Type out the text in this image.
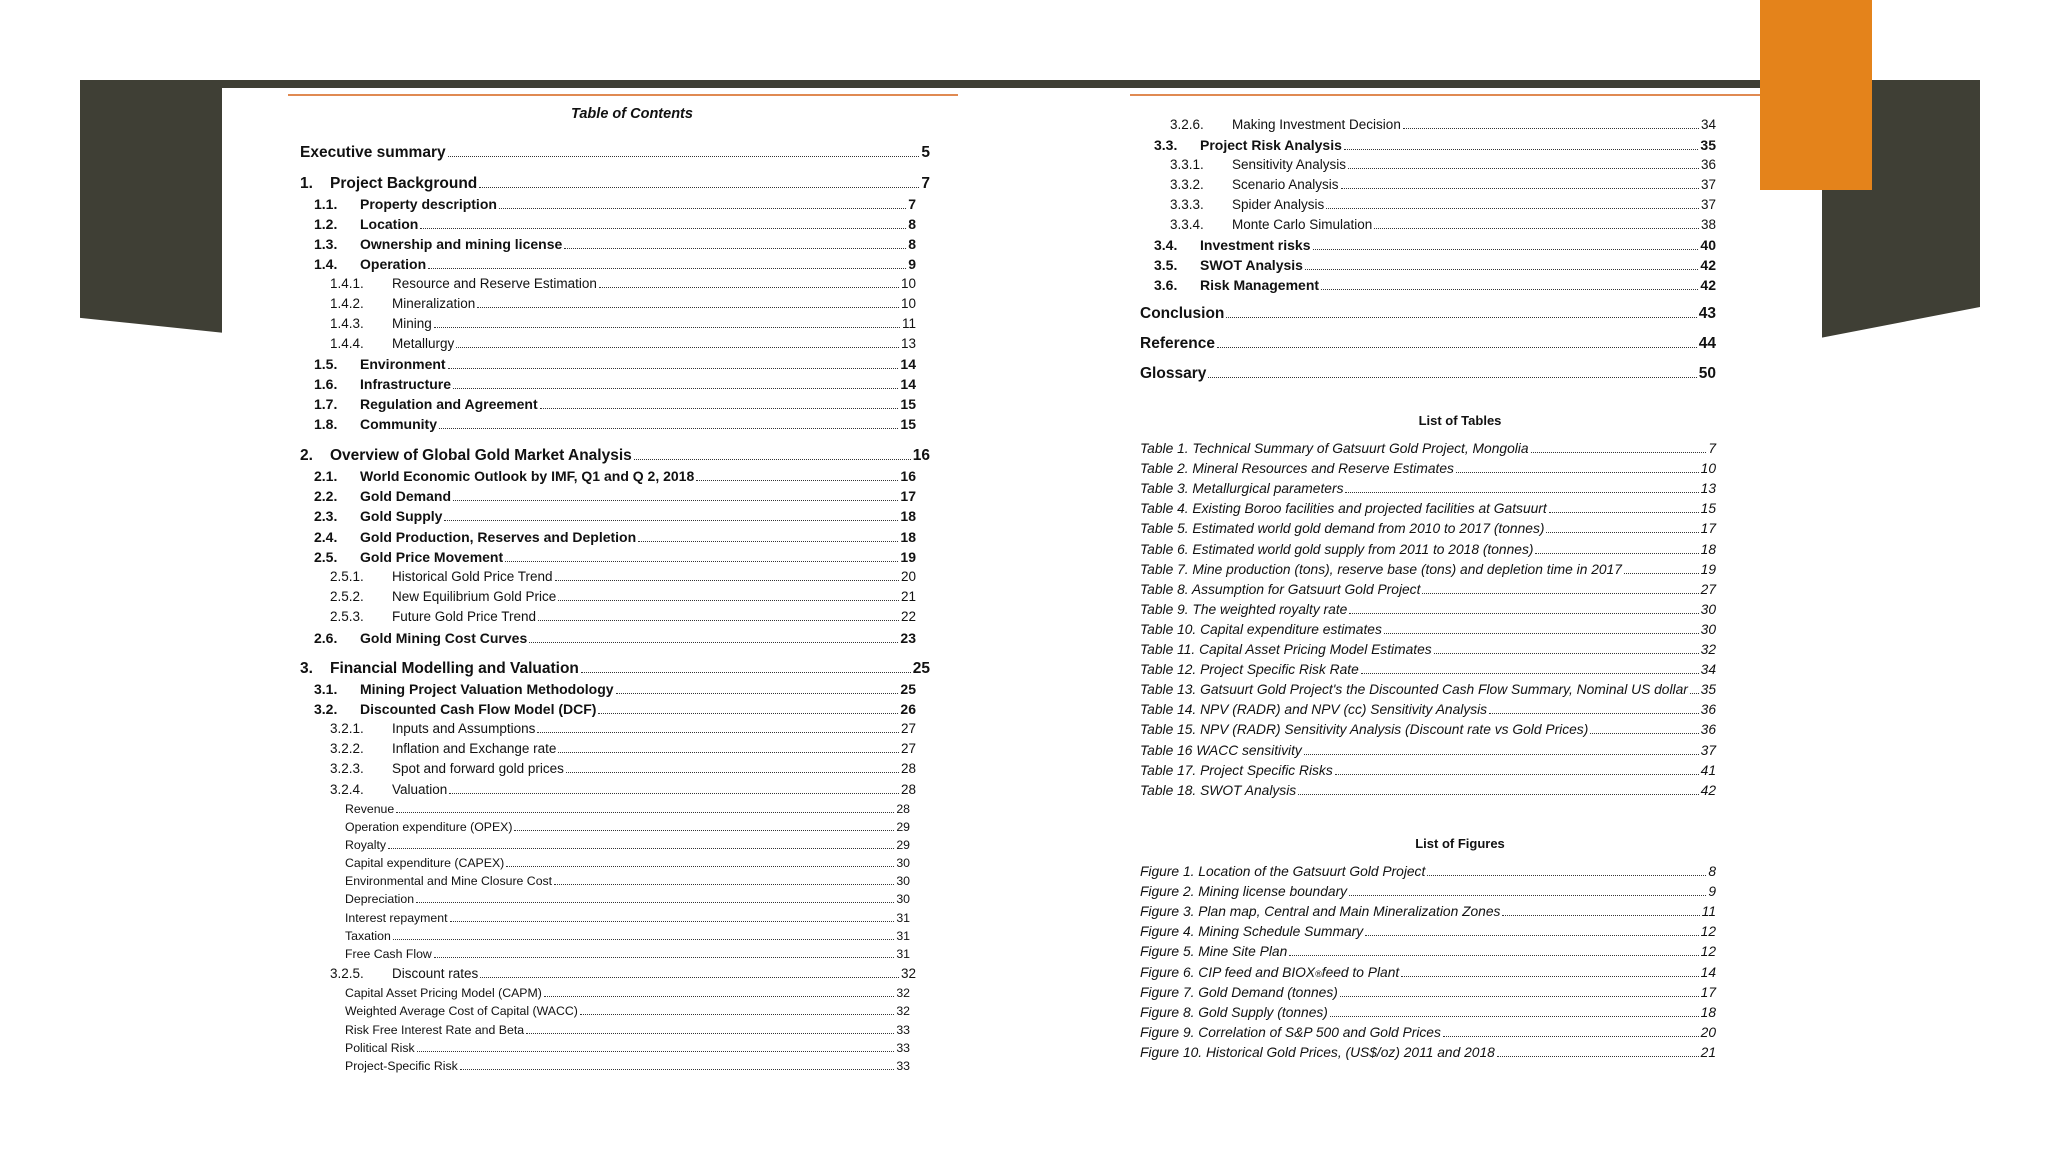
Table of Contents
Executive summary	5
1.	Project Background	7
1.1.	Property description	7
1.2.	Location	8
1.3.	Ownership and mining license	8
1.4.	Operation	9
1.4.1.	Resource and Reserve Estimation	10
1.4.2.	Mineralization	10
1.4.3.	Mining	11
1.4.4.	Metallurgy	13
1.5.	Environment	14
1.6.	Infrastructure	14
1.7.	Regulation and Agreement	15
1.8.	Community	15
2.	Overview of Global Gold Market Analysis	16
2.1.	World Economic Outlook by IMF, Q1 and Q 2, 2018	16
2.2.	Gold Demand	17
2.3.	Gold Supply	18
2.4.	Gold Production, Reserves and Depletion	18
2.5.	Gold Price Movement	19
2.5.1.	Historical Gold Price Trend	20
2.5.2.	New Equilibrium Gold Price	21
2.5.3.	Future Gold Price Trend	22
2.6.	Gold Mining Cost Curves	23
3.	Financial Modelling and Valuation	25
3.1.	Mining Project Valuation Methodology	25
3.2.	Discounted Cash Flow Model (DCF)	26
3.2.1.	Inputs and Assumptions	27
3.2.2.	Inflation and Exchange rate	27
3.2.3.	Spot and forward gold prices	28
3.2.4.	Valuation	28
Revenue	28
Operation expenditure (OPEX)	29
Royalty	29
Capital expenditure (CAPEX)	30
Environmental and Mine Closure Cost	30
Depreciation	30
Interest repayment	31
Taxation	31
Free Cash Flow	31
3.2.5.	Discount rates	32
Capital Asset Pricing Model (CAPM)	32
Weighted Average Cost of Capital (WACC)	32
Risk Free Interest Rate and Beta	33
Political Risk	33
Project-Specific Risk	33
3.2.6.	Making Investment Decision	34
3.3.	Project Risk Analysis	35
3.3.1.	Sensitivity Analysis	36
3.3.2.	Scenario Analysis	37
3.3.3.	Spider Analysis	37
3.3.4.	Monte Carlo Simulation	38
3.4.	Investment risks	40
3.5.	SWOT Analysis	42
3.6.	Risk Management	42
Conclusion	43
Reference	44
Glossary	50
List of Tables
Table 1. Technical Summary of Gatsuurt Gold Project, Mongolia	7
Table 2. Mineral Resources and Reserve Estimates	10
Table 3. Metallurgical parameters	13
Table 4. Existing Boroo facilities and projected facilities at Gatsuurt	15
Table 5. Estimated world gold demand from 2010 to 2017 (tonnes)	17
Table 6. Estimated world gold supply from 2011 to 2018 (tonnes)	18
Table 7. Mine production (tons), reserve base (tons) and depletion time in 2017	19
Table 8. Assumption for Gatsuurt Gold Project	27
Table 9. The weighted royalty rate	30
Table 10. Capital expenditure estimates	30
Table 11. Capital Asset Pricing Model Estimates	32
Table 12. Project Specific Risk Rate	34
Table 13. Gatsuurt Gold Project's the Discounted Cash Flow Summary, Nominal US dollar 35
Table 14. NPV (RADR) and NPV (cc) Sensitivity Analysis	36
Table 15. NPV (RADR) Sensitivity Analysis (Discount rate vs Gold Prices)	36
Table 16 WACC sensitivity	37
Table 17. Project Specific Risks	41
Table 18. SWOT Analysis	42
List of Figures
Figure 1. Location of the Gatsuurt Gold Project	8
Figure 2. Mining license boundary	9
Figure 3. Plan map, Central and Main Mineralization Zones	11
Figure 4. Mining Schedule Summary	12
Figure 5. Mine Site Plan	12
Figure 6. CIP feed and BIOX ® feed to Plant	14
Figure 7. Gold Demand (tonnes)	17
Figure 8. Gold Supply (tonnes)	18
Figure 9. Correlation of S&P 500 and Gold Prices	20
Figure 10. Historical Gold Prices, (US$/oz) 2011 and 2018	21
